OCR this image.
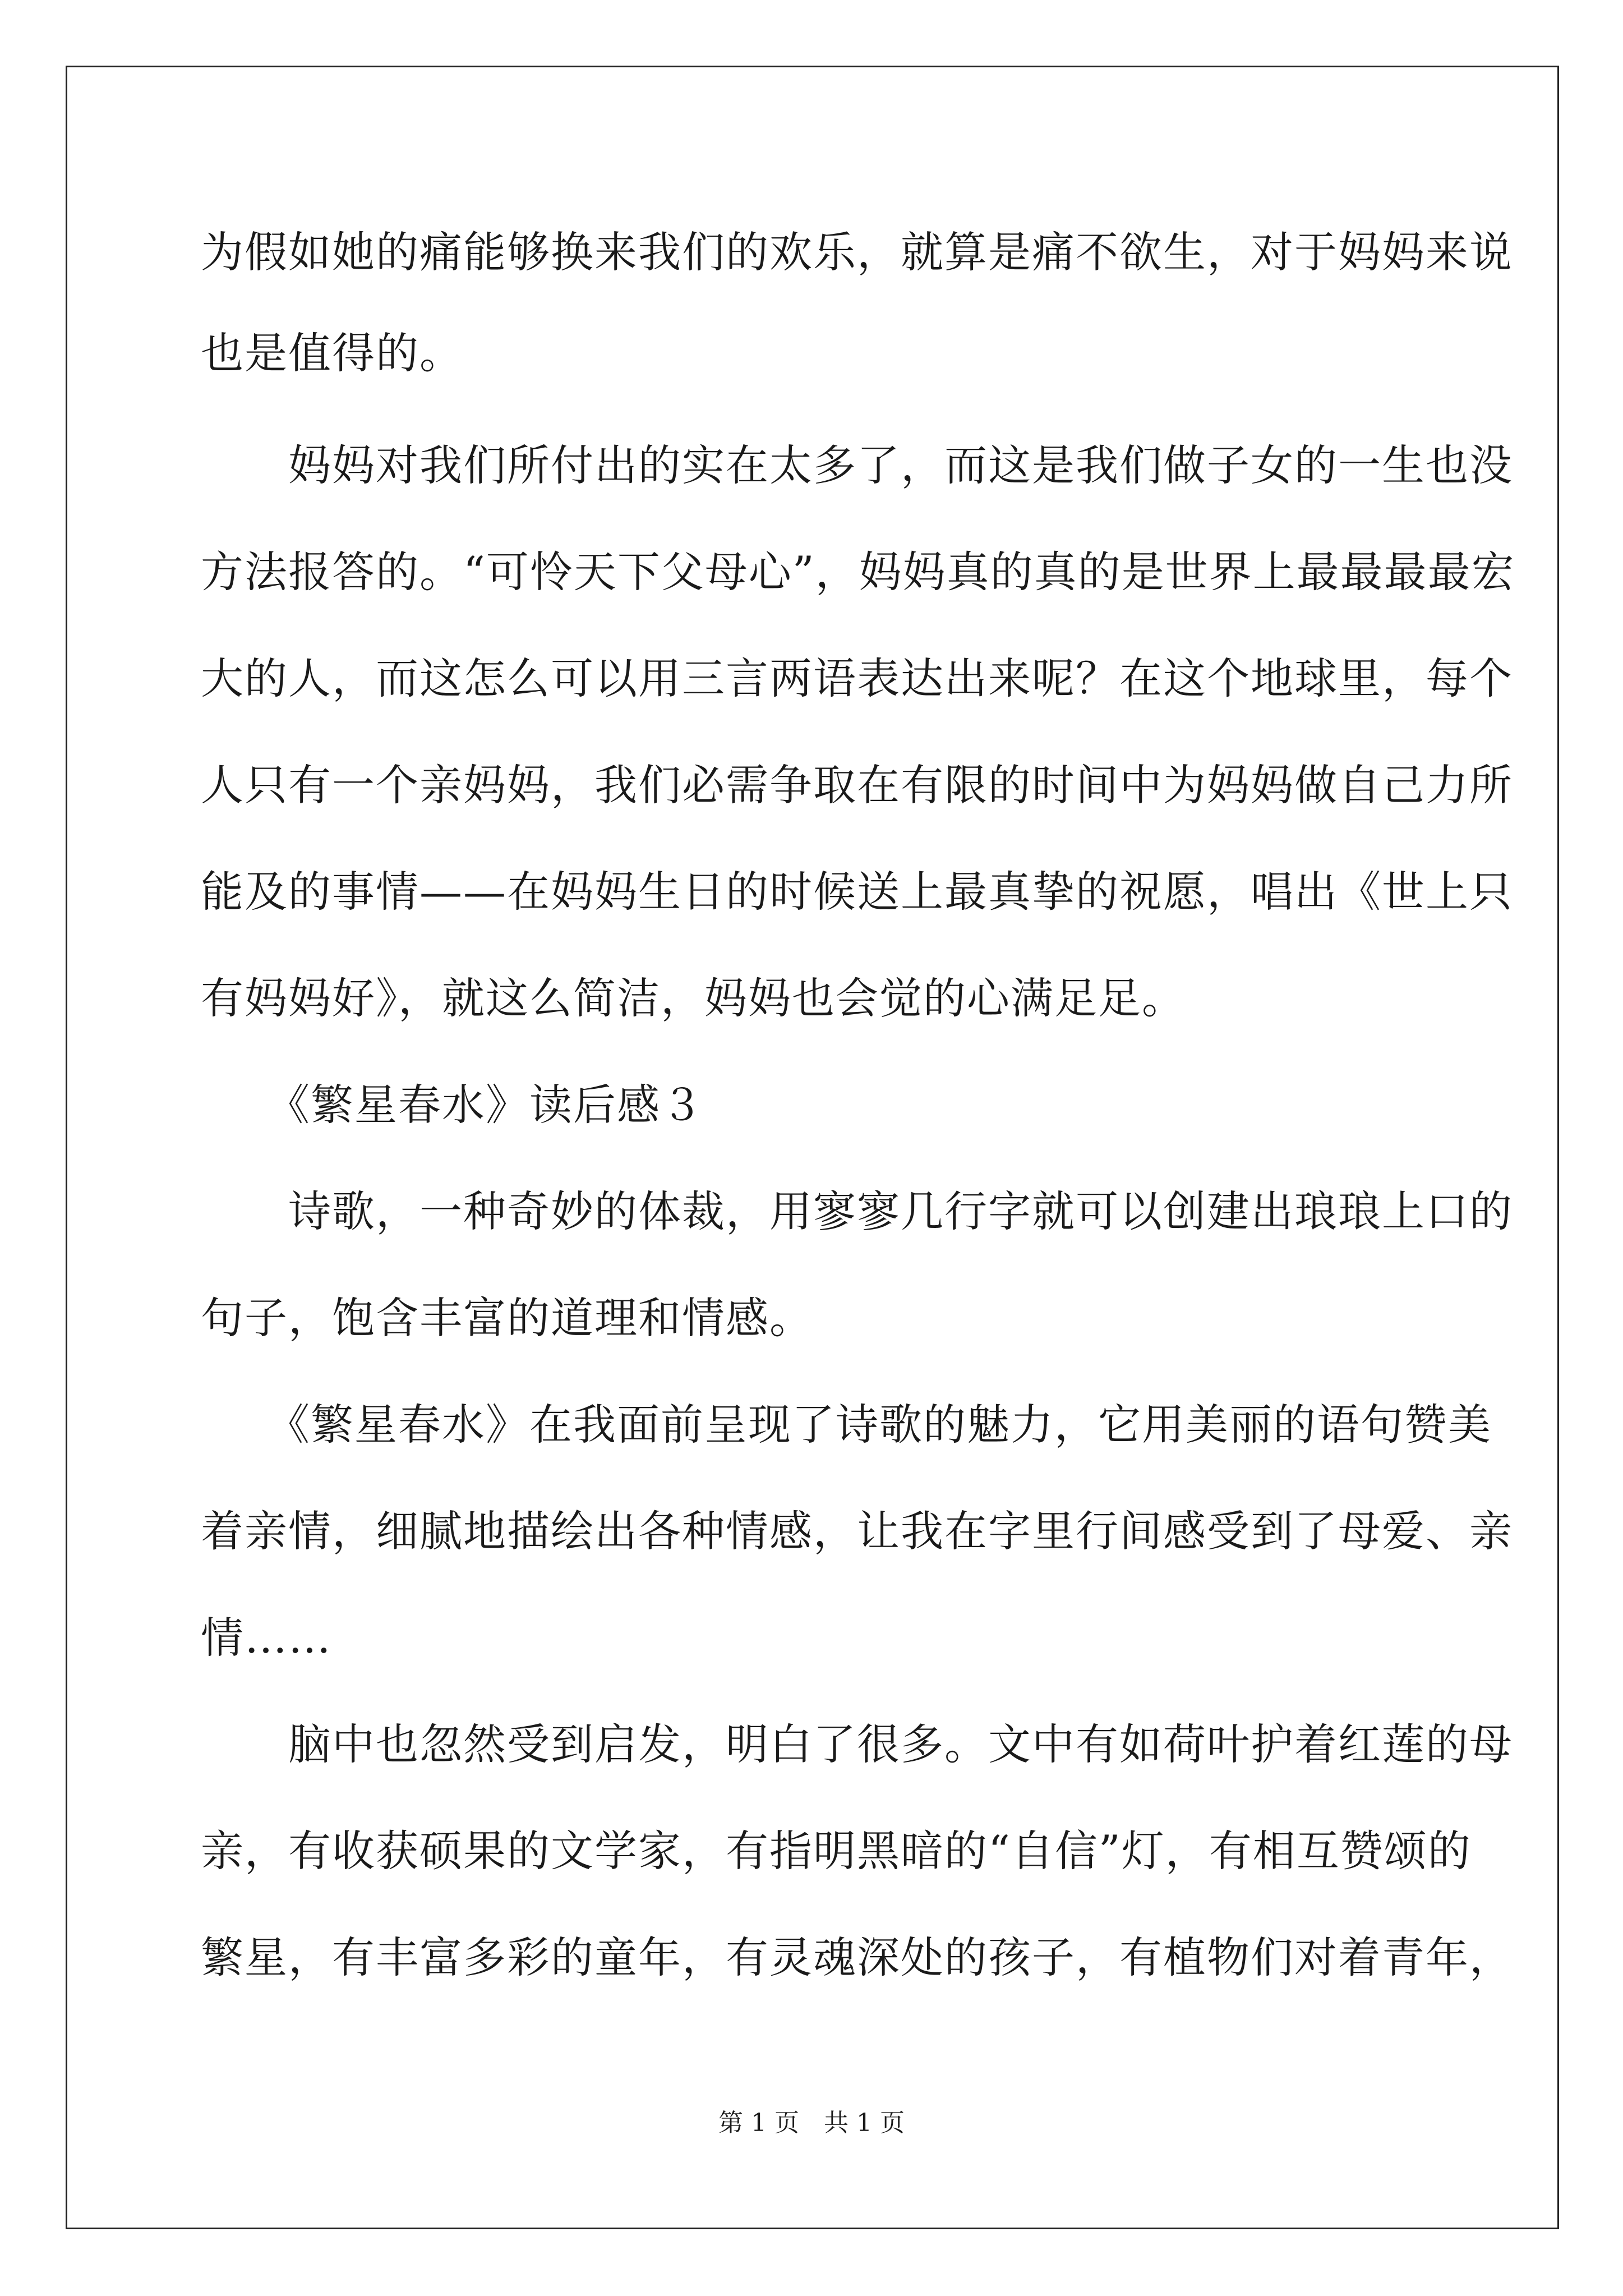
为假如她的痛能够换来我们的欢乐，就算是痛不欲生，对于妈妈来说
也是值得的。
　　妈妈对我们所付出的实在太多了，而这是我们做子女的一生也没
方法报答的。“可怜天下父母心”，妈妈真的真的是世界上最最最最宏
大的人，而这怎么可以用三言两语表达出来呢？在这个地球里，每个
人只有一个亲妈妈，我们必需争取在有限的时间中为妈妈做自己力所
能及的事情——在妈妈生日的时候送上最真挚的祝愿，唱出《世上只
有妈妈好》，就这么简洁，妈妈也会觉的心满足足。
　　《繁星春水》读后感３
　　诗歌，一种奇妙的体裁，用寥寥几行字就可以创建出琅琅上口的
句子，饱含丰富的道理和情感。
　　《繁星春水》在我面前呈现了诗歌的魅力，它用美丽的语句赞美
着亲情，细腻地描绘出各种情感，让我在字里行间感受到了母爱、亲
情……
　　脑中也忽然受到启发，明白了很多。文中有如荷叶护着红莲的母
亲，有收获硕果的文学家，有指明黑暗的“自信”灯，有相互赞颂的
繁星，有丰富多彩的童年，有灵魂深处的孩子，有植物们对着青年，
第 1 页　共 1 页
